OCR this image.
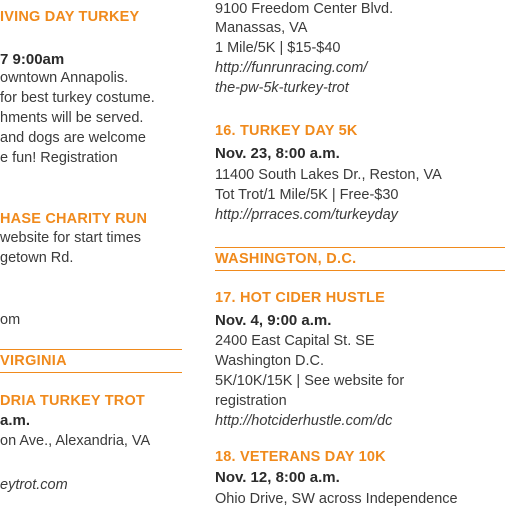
IVING DAY TURKEY
7 9:00am
owntown Annapolis.
for best turkey costume.
hments will be served.
and dogs are welcome
e fun! Registration
HASE CHARITY RUN
website for start times
getown Rd.
om
VIRGINIA
DRIA TURKEY TROT
a.m.
on Ave., Alexandria, VA
eytrot.com
9100 Freedom Center Blvd.
Manassas, VA
1 Mile/5K | $15-$40
http://funrunracing.com/
the-pw-5k-turkey-trot
16. TURKEY DAY 5K
Nov. 23, 8:00 a.m.
11400 South Lakes Dr., Reston, VA
Tot Trot/1 Mile/5K | Free-$30
http://prraces.com/turkeyday
WASHINGTON, D.C.
17. HOT CIDER HUSTLE
Nov. 4, 9:00 a.m.
2400 East Capital St. SE
Washington D.C.
5K/10K/15K | See website for
registration
http://hotciderhustle.com/dc
18. VETERANS DAY 10K
Nov. 12, 8:00 a.m.
Ohio Drive, SW across Independence
